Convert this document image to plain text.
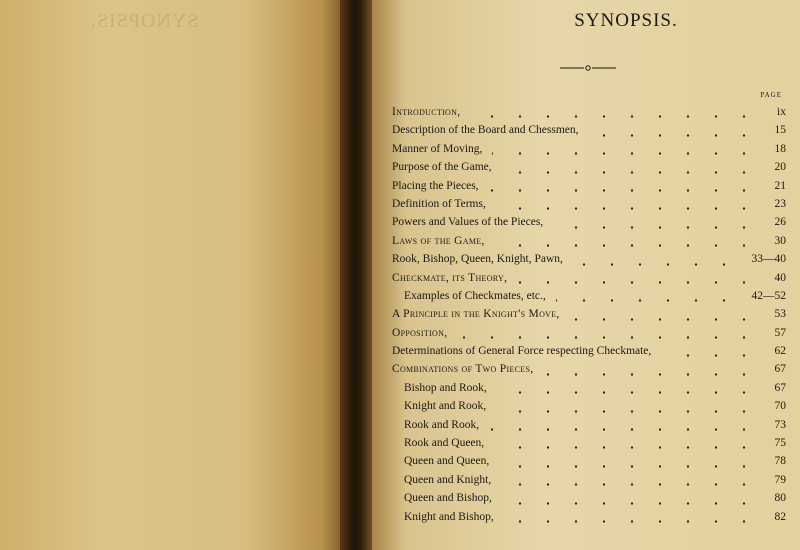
SYNOPSIS.	SYNOPSIS.
PAGE
Introduction,	ix
Description of the Board and Chessmen,	15
Manner of Moving,	18
Purpose of the Game,	20
Placing the Pieces,	21
Definition of Terms,	23
Powers and Values of the Pieces,	26
Laws of the Game,	30
Rook, Bishop, Queen, Knight, Pawn,	33—40
Checkmate, its Theory,	40
Examples of Checkmates, etc.,	42—52
A Principle in the Knight's Move,	53
Opposition,	57
Determinations of General Force respecting Checkmate,	62
Combinations of Two Pieces,	67
Bishop and Rook,	67
Knight and Rook,	70
Rook and Rook,	73
Rook and Queen,	75
Queen and Queen,	78
Queen and Knight,	79
Queen and Bishop,	80
Knight and Bishop,	82
